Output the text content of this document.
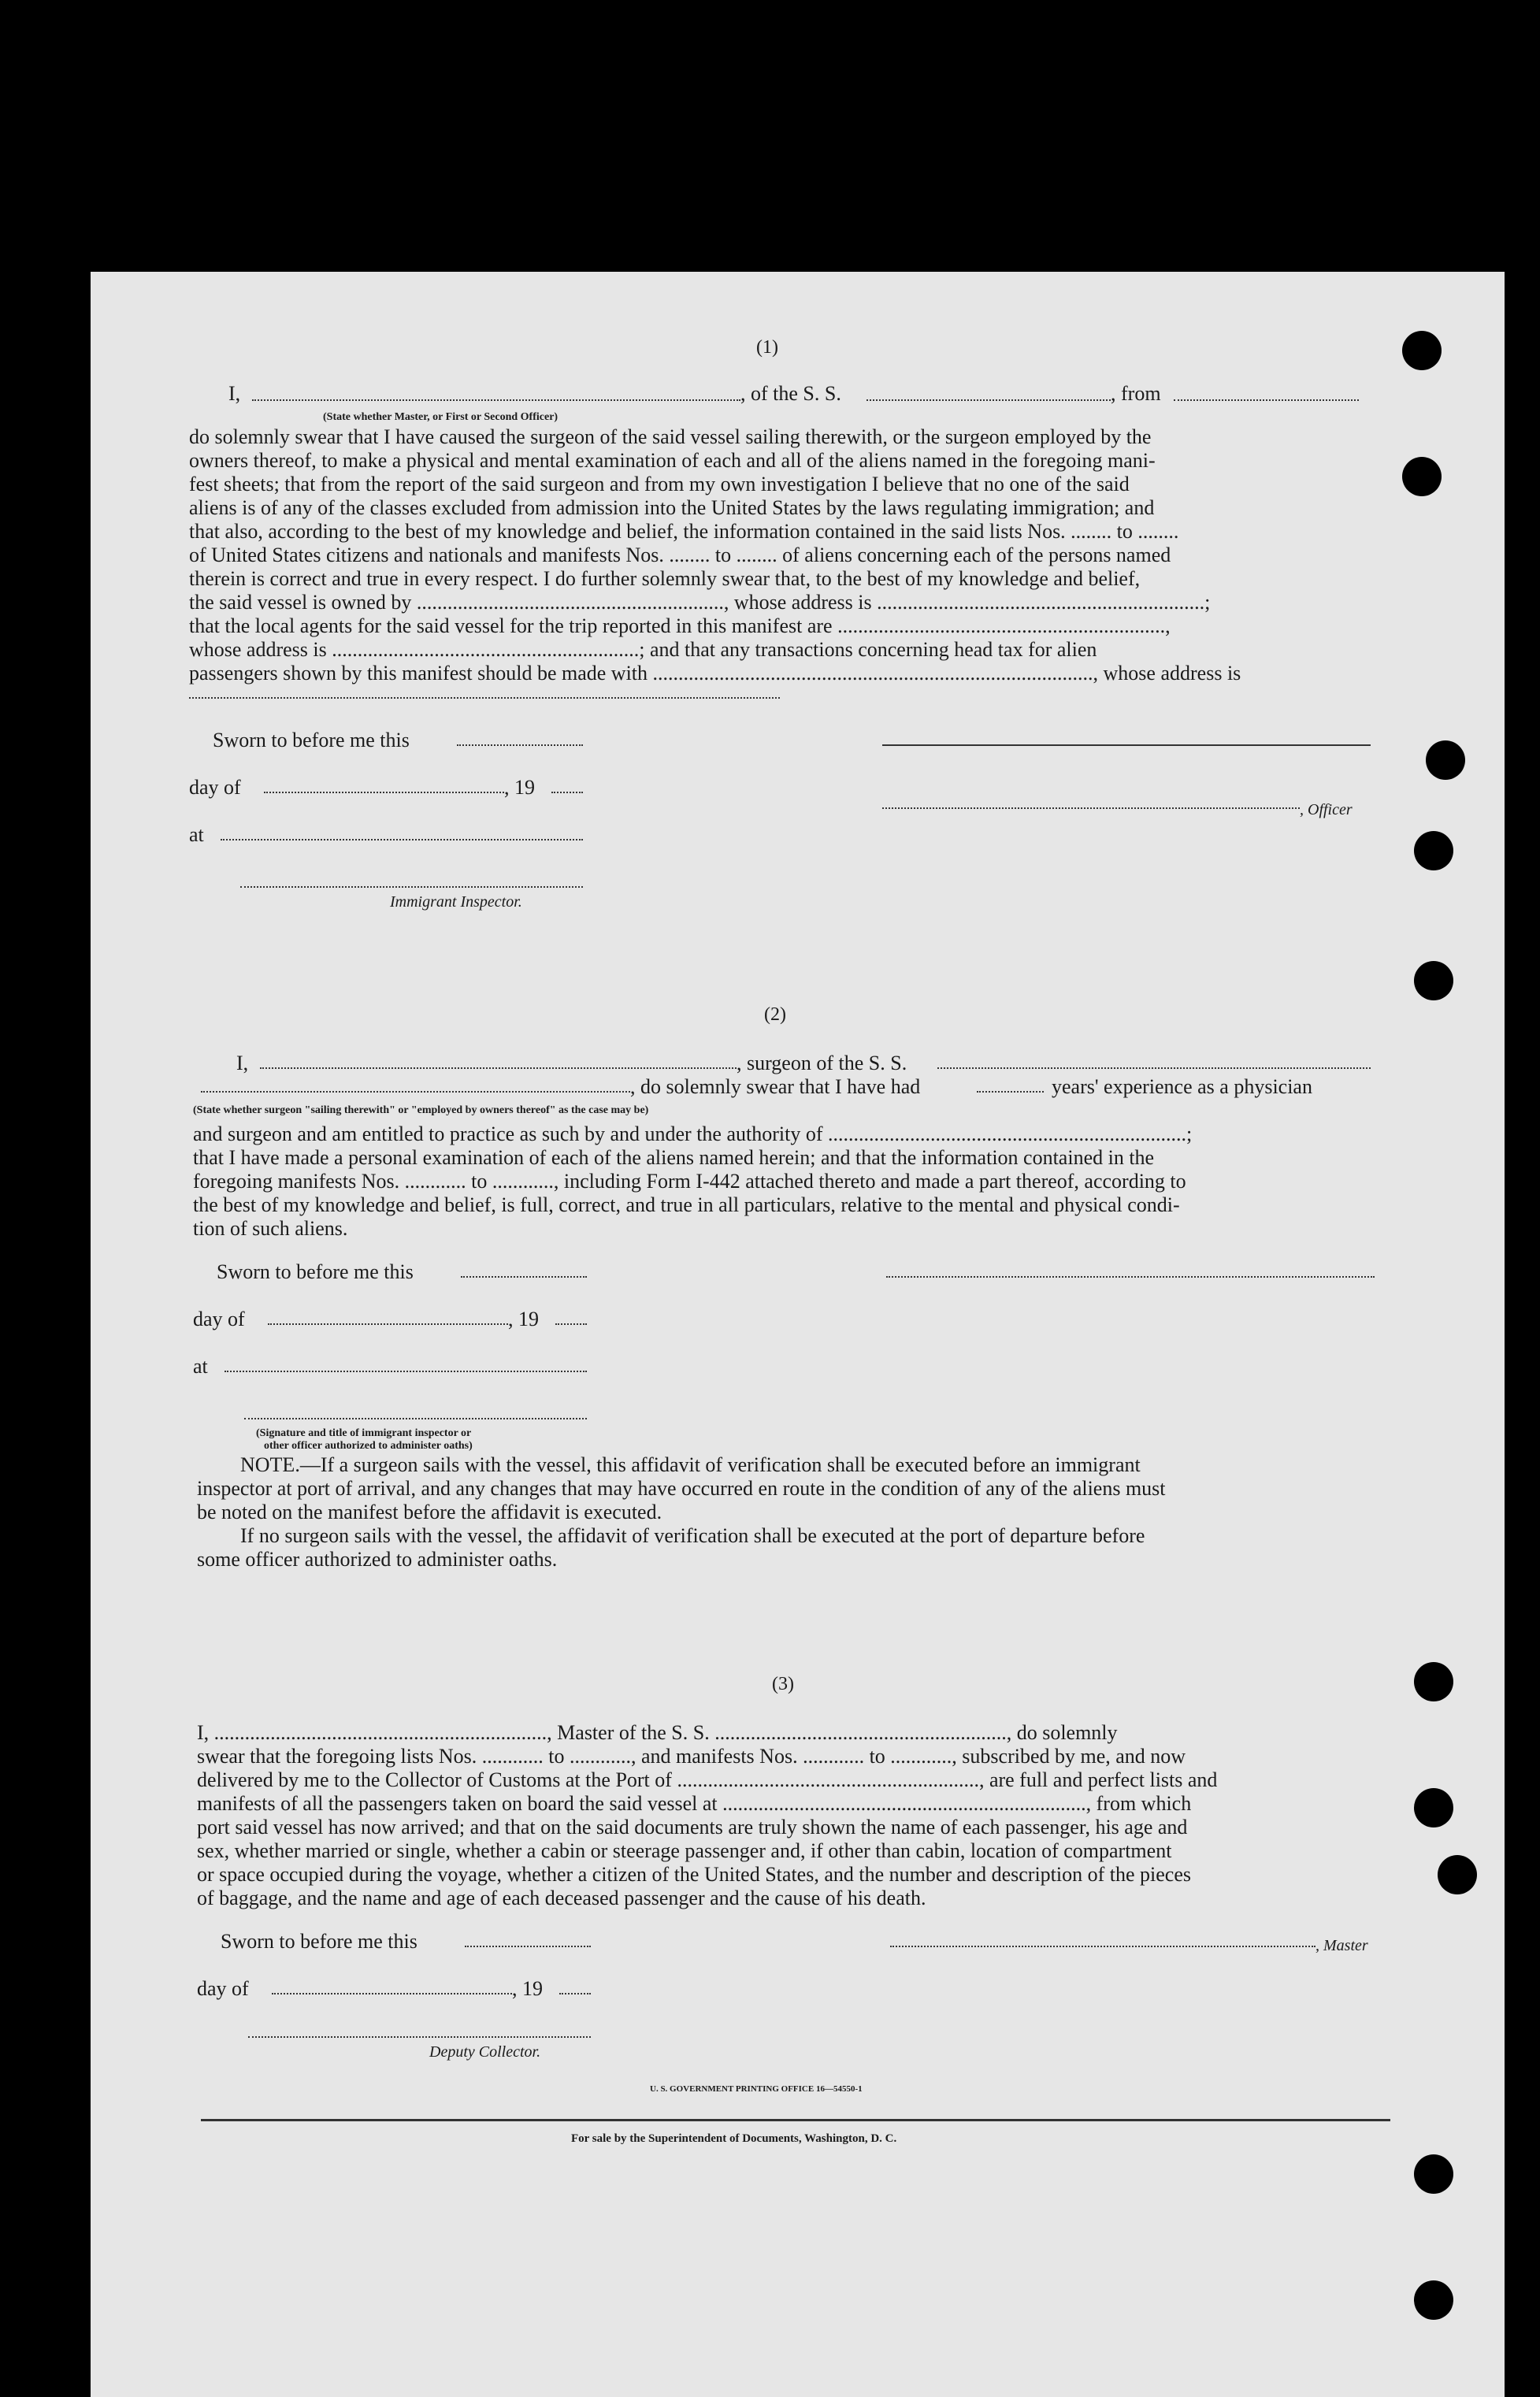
(1)
I,	, of the S. S.	, from
(State whether Master, or First or Second Officer)
do solemnly swear that I have caused the surgeon of the said vessel sailing therewith, or the surgeon employed by the
owners thereof, to make a physical and mental examination of each and all of the aliens named in the foregoing mani-
fest sheets; that from the report of the said surgeon and from my own investigation I believe that no one of the said
aliens is of any of the classes excluded from admission into the United States by the laws regulating immigration; and
that also, according to the best of my knowledge and belief, the information contained in the said lists Nos. ........ to ........
of United States citizens and nationals and manifests Nos. ........ to ........ of aliens concerning each of the persons named
therein is correct and true in every respect. I do further solemnly swear that, to the best of my knowledge and belief,
the said vessel is owned by ............................................................, whose address is ................................................................;
that the local agents for the said vessel for the trip reported in this manifest are ................................................................,
whose address is ............................................................; and that any transactions concerning head tax for alien
passengers shown by this manifest should be made with ......................................................................................, whose address is
Sworn to before me this
day of	, 19
, Officer
at
Immigrant Inspector.
(2)
I,	, surgeon of the S. S.
, do solemnly swear that I have had	years' experience as a physician
(State whether surgeon "sailing therewith" or "employed by owners thereof" as the case may be)
and surgeon and am entitled to practice as such by and under the authority of ......................................................................;
that I have made a personal examination of each of the aliens named herein; and that the information contained in the
foregoing manifests Nos. ............ to ............, including Form I-442 attached thereto and made a part thereof, according to
the best of my knowledge and belief, is full, correct, and true in all particulars, relative to the mental and physical condi-
tion of such aliens.
Sworn to before me this
day of	, 19
at
(Signature and title of immigrant inspector or
other officer authorized to administer oaths)
NOTE.—If a surgeon sails with the vessel, this affidavit of verification shall be executed before an immigrant
inspector at port of arrival, and any changes that may have occurred en route in the condition of any of the aliens must
be noted on the manifest before the affidavit is executed.
If no surgeon sails with the vessel, the affidavit of verification shall be executed at the port of departure before
some officer authorized to administer oaths.
(3)
I, ................................................................., Master of the S. S. ........................................................., do solemnly
swear that the foregoing lists Nos. ............ to ............, and manifests Nos. ............ to ............, subscribed by me, and now
delivered by me to the Collector of Customs at the Port of ..........................................................., are full and perfect lists and
manifests of all the passengers taken on board the said vessel at ......................................................................., from which
port said vessel has now arrived; and that on the said documents are truly shown the name of each passenger, his age and
sex, whether married or single, whether a cabin or steerage passenger and, if other than cabin, location of compartment
or space occupied during the voyage, whether a citizen of the United States, and the number and description of the pieces
of baggage, and the name and age of each deceased passenger and the cause of his death.
Sworn to before me this	, Master
day of	, 19
Deputy Collector.
U. S. GOVERNMENT PRINTING OFFICE 16—54550-1
For sale by the Superintendent of Documents, Washington, D. C.
